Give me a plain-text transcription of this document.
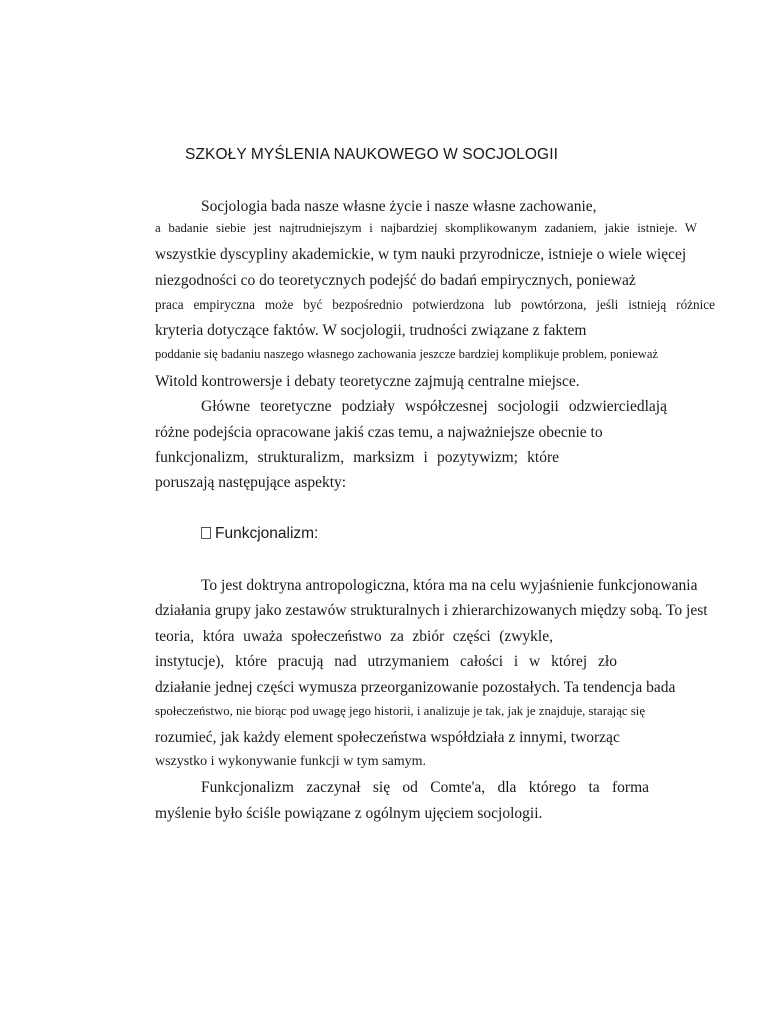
SZKOŁY MYŚLENIA NAUKOWEGO W SOCJOLOGII
Socjologia bada nasze własne życie i nasze własne zachowanie,
a badanie siebie jest najtrudniejszym i najbardziej skomplikowanym zadaniem, jakie istnieje. W
wszystkie dyscypliny akademickie, w tym nauki przyrodnicze, istnieje o wiele więcej
niezgodności co do teoretycznych podejść do badań empirycznych, ponieważ
praca empiryczna może być bezpośrednio potwierdzona lub powtórzona, jeśli istnieją różnice
kryteria dotyczące faktów. W socjologii, trudności związane z faktem
poddanie się badaniu naszego własnego zachowania jeszcze bardziej komplikuje problem, ponieważ
Witold kontrowersje i debaty teoretyczne zajmują centralne miejsce.
Główne teoretyczne podziały współczesnej socjologii odzwierciedlają
różne podejścia opracowane jakiś czas temu, a najważniejsze obecnie to
funkcjonalizm, strukturalizm, marksizm i pozytywizm; które
poruszają następujące aspekty:
Funkcjonalizm:
To jest doktryna antropologiczna, która ma na celu wyjaśnienie funkcjonowania
działania grupy jako zestawów strukturalnych i zhierarchizowanych między sobą. To jest
teoria, która uważa społeczeństwo za zbiór części (zwykle,
instytucje), które pracują nad utrzymaniem całości i w której zło
działanie jednej części wymusza przeorganizowanie pozostałych. Ta tendencja bada
społeczeństwo, nie biorąc pod uwagę jego historii, i analizuje je tak, jak je znajduje, starając się
rozumieć, jak każdy element społeczeństwa współdziała z innymi, tworząc
wszystko i wykonywanie funkcji w tym samym.
Funkcjonalizm zaczynał się od Comte'a, dla którego ta forma
myślenie było ściśle powiązane z ogólnym ujęciem socjologii.
